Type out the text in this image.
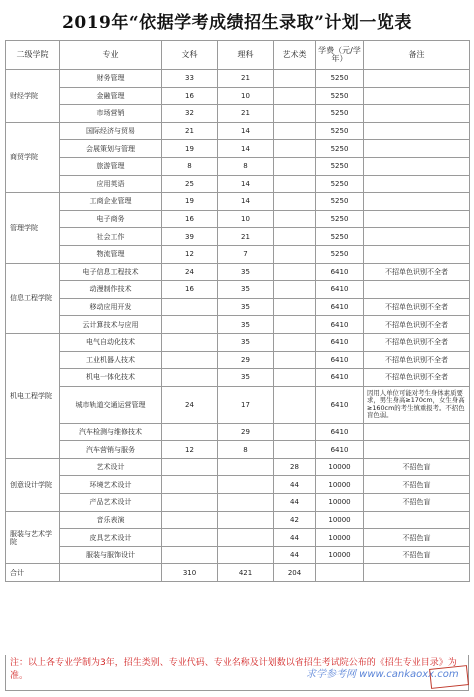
2019年“依据学考成绩招生录取”计划一览表
二级学院	专业	文科	理科	艺术类	学费（元/学年）	备注
财经学院	财务管理	33	21		5250	
	金融管理	16	10		5250	
	市场营销	32	21		5250	
商贸学院	国际经济与贸易	21	14		5250	
	会展策划与管理	19	14		5250	
	旅游管理	8	8		5250	
	应用英语	25	14		5250	
管理学院	工商企业管理	19	14		5250	
	电子商务	16	10		5250	
	社会工作	39	21		5250	
	物流管理	12	7		5250	
信息工程学院	电子信息工程技术	24	35		6410	不招单色识别不全者
	动漫制作技术	16	35		6410	
	移动应用开发		35		6410	不招单色识别不全者
	云计算技术与应用		35		6410	不招单色识别不全者
机电工程学院	电气自动化技术		35		6410	不招单色识别不全者
	工业机器人技术		29		6410	不招单色识别不全者
	机电一体化技术		35		6410	不招单色识别不全者
	城市轨道交通运营管理	24	17		6410	因用人单位可能对考生身体素质要求，男生身高≥170cm，女生身高≥160cm的考生慎重报考。不招色盲色弱。
	汽车检测与维修技术		29		6410	
	汽车营销与服务	12	8		6410	
创意设计学院	艺术设计			28	10000	不招色盲
	环境艺术设计			44	10000	不招色盲
	产品艺术设计			44	10000	不招色盲
服装与艺术学院	音乐表演			42	10000	
	皮具艺术设计			44	10000	不招色盲
	服装与服饰设计			44	10000	不招色盲
合计		310	421	204		
注：以上各专业学制为3年，招生类别、专业代码、专业名称及计划数以省招生考试院公布的《招生专业目录》为准。	求学参考网 www.cankaoxx.com
